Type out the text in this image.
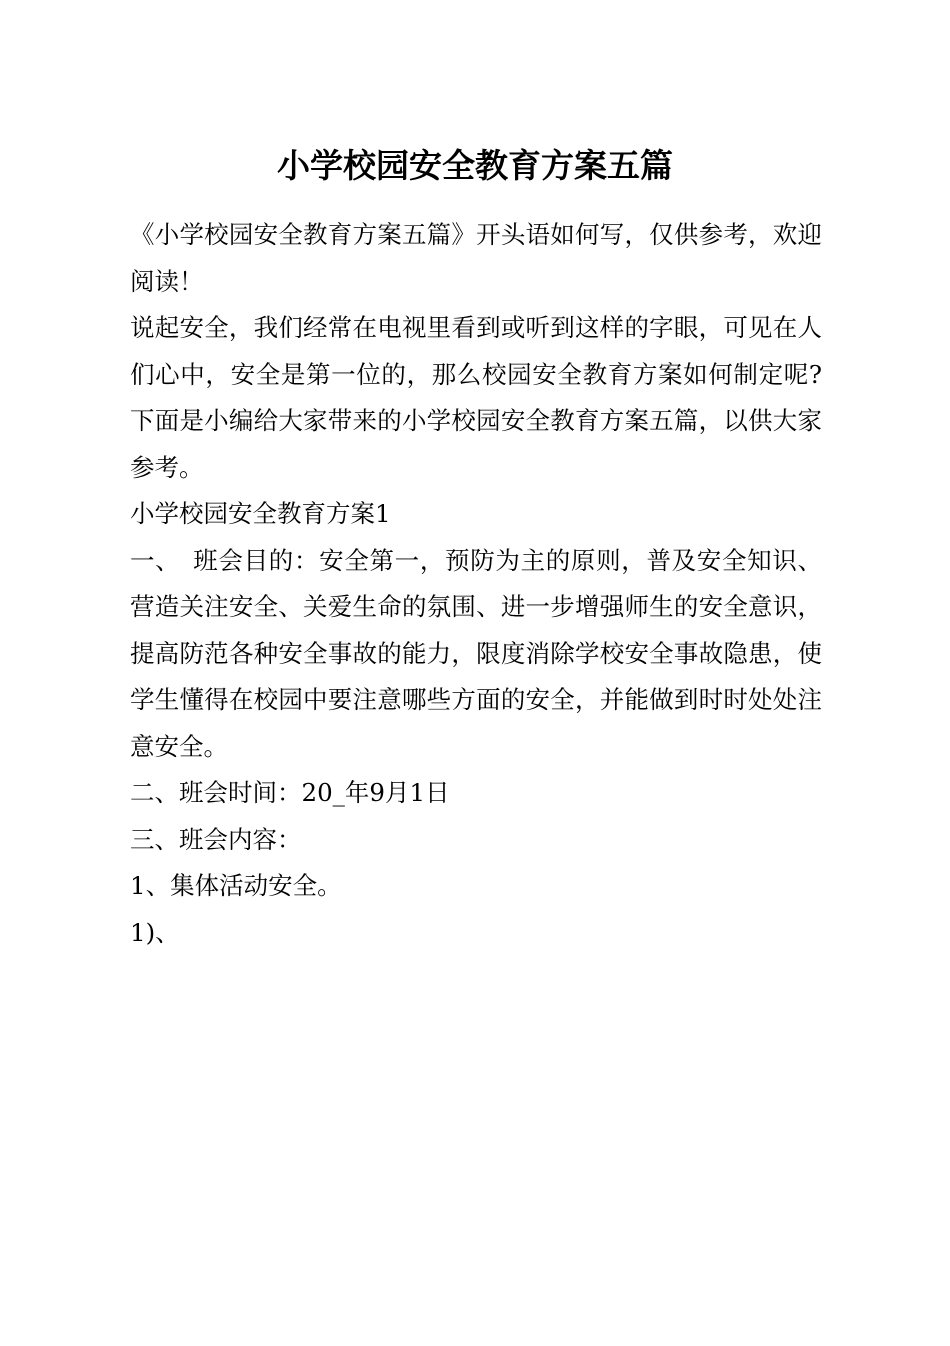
小学校园安全教育方案五篇

《小学校园安全教育方案五篇》开头语如何写，仅供参考，欢迎阅读！

说起安全，我们经常在电视里看到或听到这样的字眼，可见在人们心中，安全是第一位的，那么校园安全教育方案如何制定呢?下面是小编给大家带来的小学校园安全教育方案五篇，以供大家参考。

小学校园安全教育方案1

一、　班会目的：安全第一，预防为主的原则，普及安全知识、营造关注安全、关爱生命的氛围、进一步增强师生的安全意识，提高防范各种安全事故的能力，限度消除学校安全事故隐患，使学生懂得在校园中要注意哪些方面的安全，并能做到时时处处注意安全。

二、班会时间：20_年9月1日

三、班会内容：

1、集体活动安全。

1)、
